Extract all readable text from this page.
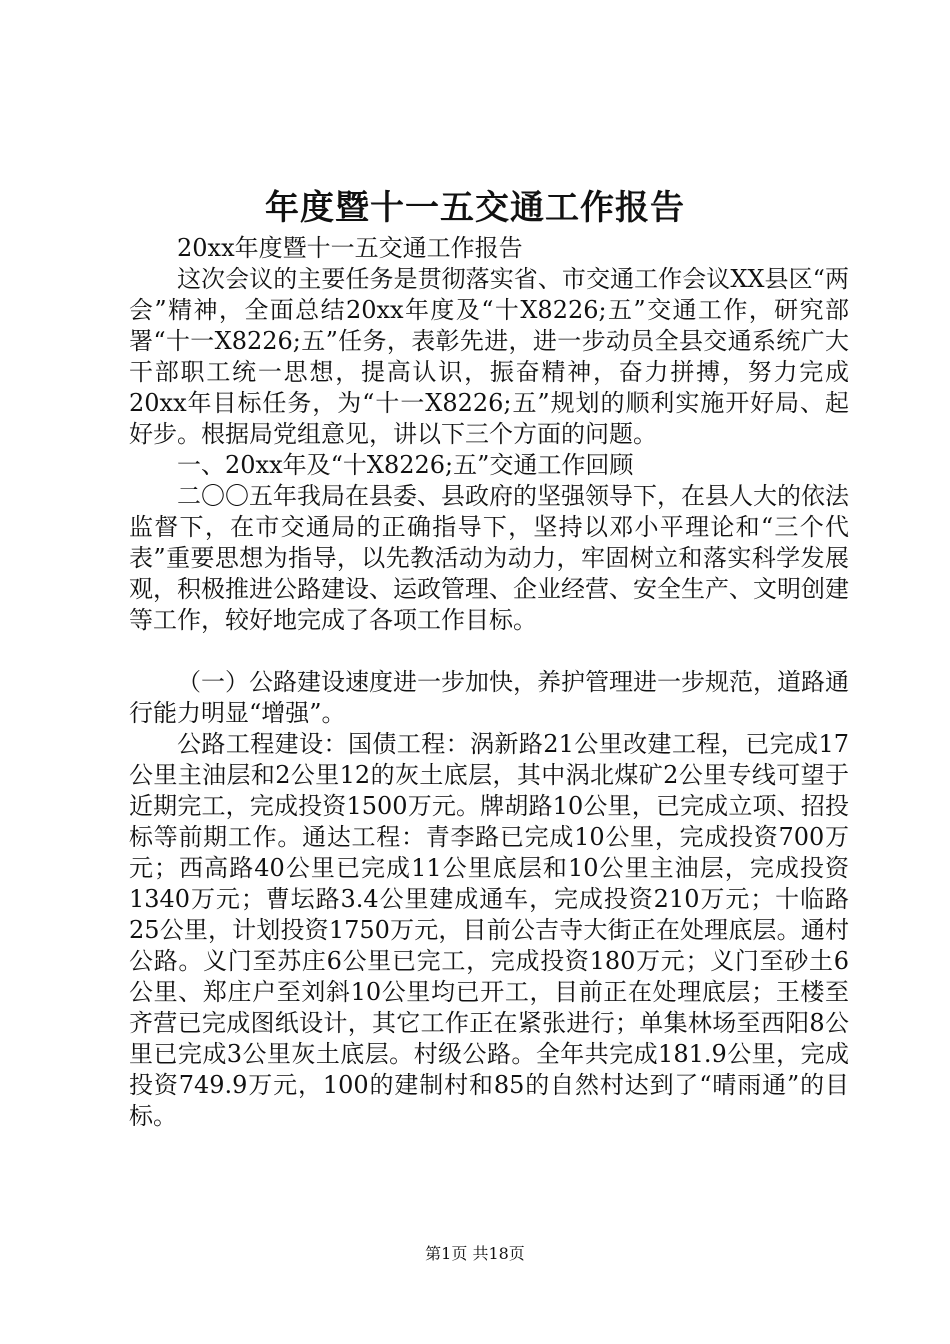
年度暨十一五交通工作报告

20xx年度暨十一五交通工作报告

这次会议的主要任务是贯彻落实省、市交通工作会议XX县区“两会”精神，全面总结20xx年度及“十X8226;五”交通工作，研究部署“十一X8226;五”任务，表彰先进，进一步动员全县交通系统广大干部职工统一思想，提高认识，振奋精神，奋力拼搏，努力完成20xx年目标任务，为“十一X8226;五”规划的顺利实施开好局、起好步。根据局党组意见，讲以下三个方面的问题。

一、20xx年及“十X8226;五”交通工作回顾

二〇〇五年我局在县委、县政府的坚强领导下，在县人大的依法监督下，在市交通局的正确指导下，坚持以邓小平理论和“三个代表”重要思想为指导，以先教活动为动力，牢固树立和落实科学发展观，积极推进公路建设、运政管理、企业经营、安全生产、文明创建等工作，较好地完成了各项工作目标。

（一）公路建设速度进一步加快，养护管理进一步规范，道路通行能力明显“增强”。

公路工程建设：国债工程：涡新路21公里改建工程，已完成17公里主油层和2公里12的灰土底层，其中涡北煤矿2公里专线可望于近期完工，完成投资1500万元。牌胡路10公里，已完成立项、招投标等前期工作。通达工程：青李路已完成10公里，完成投资700万元；西高路40公里已完成11公里底层和10公里主油层，完成投资1340万元；曹坛路3.4公里建成通车，完成投资210万元；十临路25公里，计划投资1750万元，目前公吉寺大街正在处理底层。通村公路。义门至苏庄6公里已完工，完成投资180万元；义门至砂土6公里、郑庄户至刘斜10公里均已开工，目前正在处理底层；王楼至齐营已完成图纸设计，其它工作正在紧张进行；单集林场至西阳8公里已完成3公里灰土底层。村级公路。全年共完成181.9公里，完成投资749.9万元，100的建制村和85的自然村达到了“晴雨通”的目标。

第1页 共18页
